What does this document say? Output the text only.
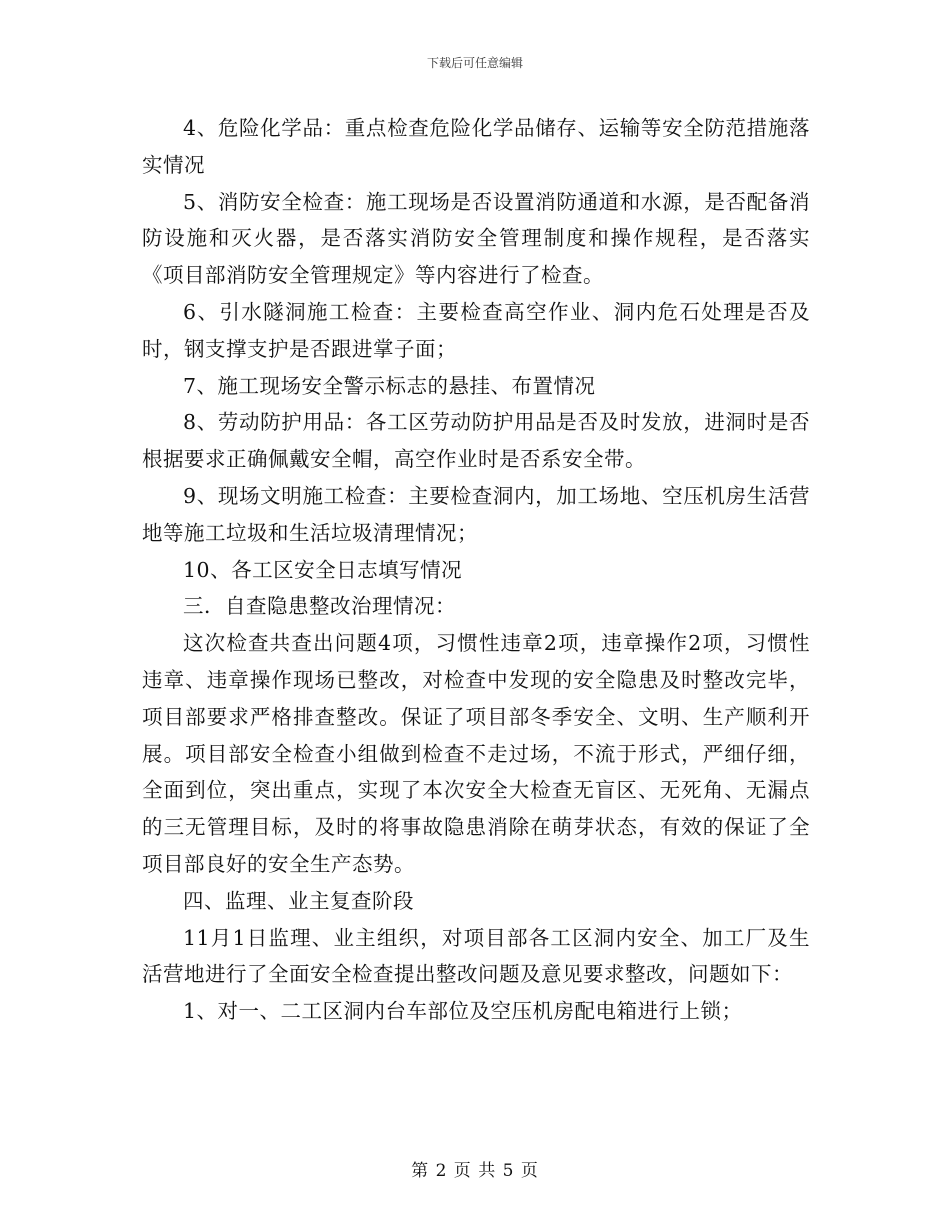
下载后可任意编辑

4、危险化学品：重点检查危险化学品储存、运输等安全防范措施落实情况

5、消防安全检查：施工现场是否设置消防通道和水源，是否配备消防设施和灭火器，是否落实消防安全管理制度和操作规程，是否落实《项目部消防安全管理规定》等内容进行了检查。

6、引水隧洞施工检查：主要检查高空作业、洞内危石处理是否及时，钢支撑支护是否跟进掌子面；

7、施工现场安全警示标志的悬挂、布置情况

8、劳动防护用品：各工区劳动防护用品是否及时发放，进洞时是否根据要求正确佩戴安全帽，高空作业时是否系安全带。

9、现场文明施工检查：主要检查洞内，加工场地、空压机房生活营地等施工垃圾和生活垃圾清理情况；

10、各工区安全日志填写情况

三．自查隐患整改治理情况：

这次检查共查出问题4项，习惯性违章2项，违章操作2项，习惯性违章、违章操作现场已整改，对检查中发现的安全隐患及时整改完毕，项目部要求严格排查整改。保证了项目部冬季安全、文明、生产顺利开展。项目部安全检查小组做到检查不走过场，不流于形式，严细仔细，全面到位，突出重点，实现了本次安全大检查无盲区、无死角、无漏点的三无管理目标，及时的将事故隐患消除在萌芽状态，有效的保证了全项目部良好的安全生产态势。

四、监理、业主复查阶段

11月1日监理、业主组织，对项目部各工区洞内安全、加工厂及生活营地进行了全面安全检查提出整改问题及意见要求整改，问题如下：

1、对一、二工区洞内台车部位及空压机房配电箱进行上锁；

第 2 页 共 5 页
